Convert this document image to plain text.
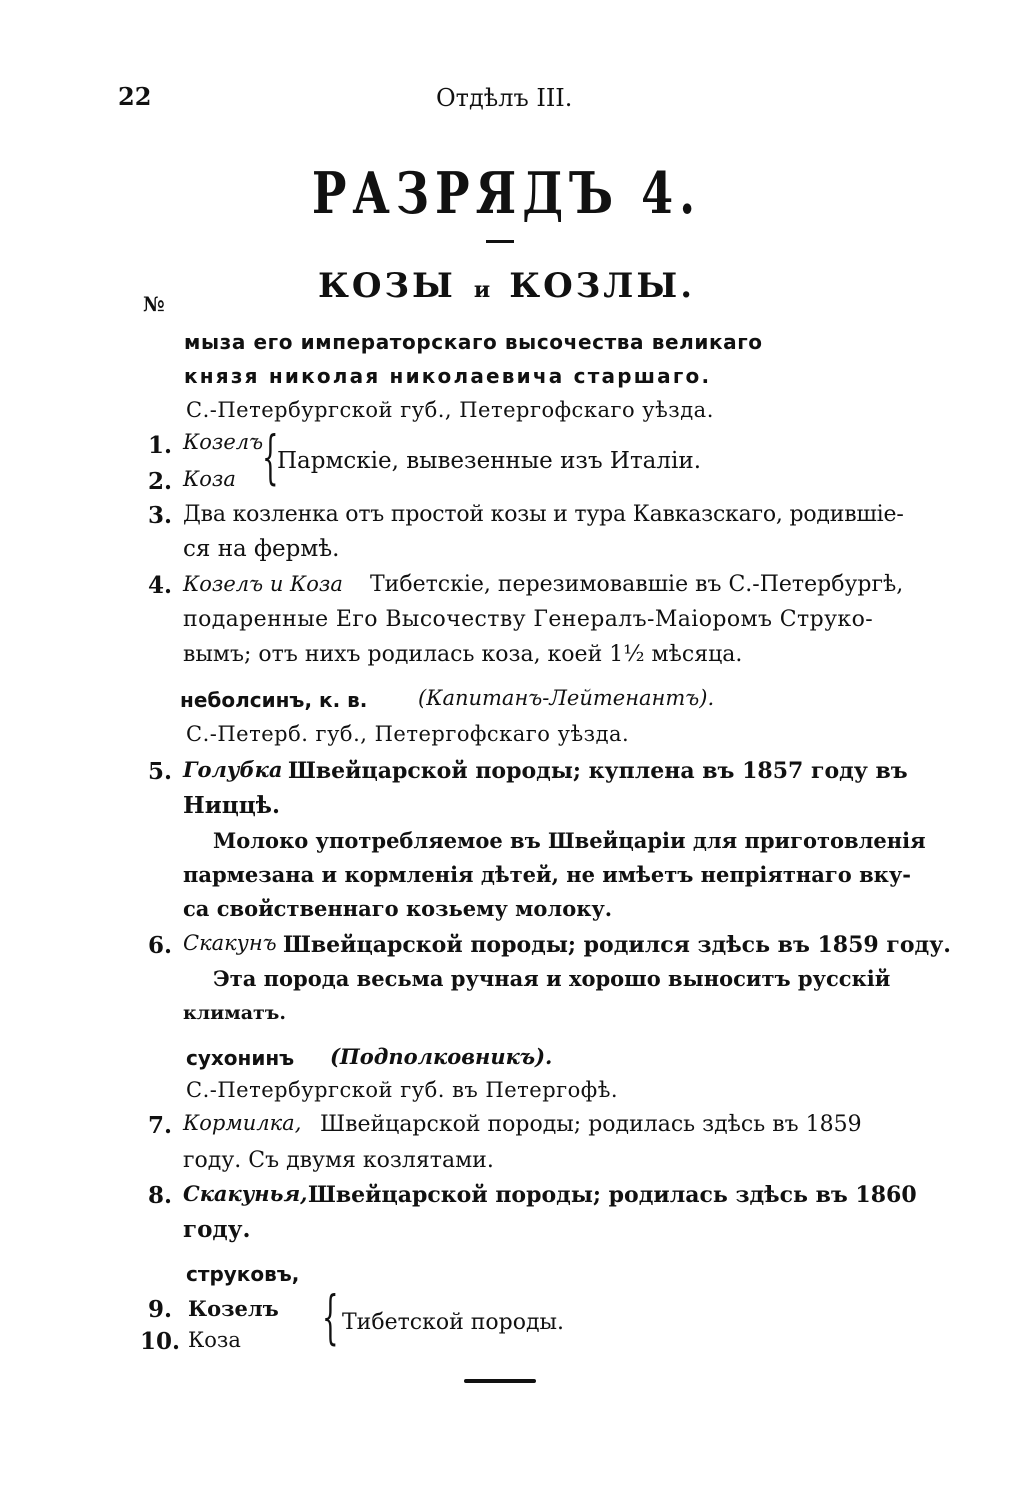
22	Отдѣлъ III.
РАЗРЯДЪ 4.
КОЗЫ и КОЗЛЫ.
№
мыза его императорскаго высочества великаго
князя николая николаевича старшаго.
С.-Петербургской губ., Петергофскаго уѣзда.
1. Козелъ
2. Коза {
Пармскіе, вывезенные изъ Италіи.
3. Два козленка отъ простой козы и тура Кавказскаго, родившіе-
ся на фермѣ.
4. Козелъ и Коза Тибетскіе, перезимовавшіе въ С.-Петербургѣ,
подаренные Его Высочеству Генералъ-Маіоромъ Струко-
вымъ; отъ нихъ родилась коза, коей 1½ мѣсяца.
неболсинъ, к. в. (Капитанъ-Лейтенантъ).
С.-Петерб. губ., Петергофскаго уѣзда.
5. Голубка Швейцарской породы; куплена въ 1857 году въ
Ниццѣ.
Молоко употребляемое въ Швейцаріи для приготовленія
пармезана и кормленія дѣтей, не имѣетъ непріятнаго вку-
са свойственнаго козьему молоку.
6. Скакунъ Швейцарской породы; родился здѣсь въ 1859 году.
Эта порода весьма ручная и хорошо выноситъ русскій
климатъ.
сухонинъ (Подполковникъ).
С.-Петербургской губ. въ Петергофѣ.
7. Кормилка, Швейцарской породы; родилась здѣсь въ 1859
году. Съ двумя козлятами.
8. Скакунья, Швейцарской породы; родилась здѣсь въ 1860
году.
струковъ,
9. Козелъ
10. Коза { Тибетской породы.
